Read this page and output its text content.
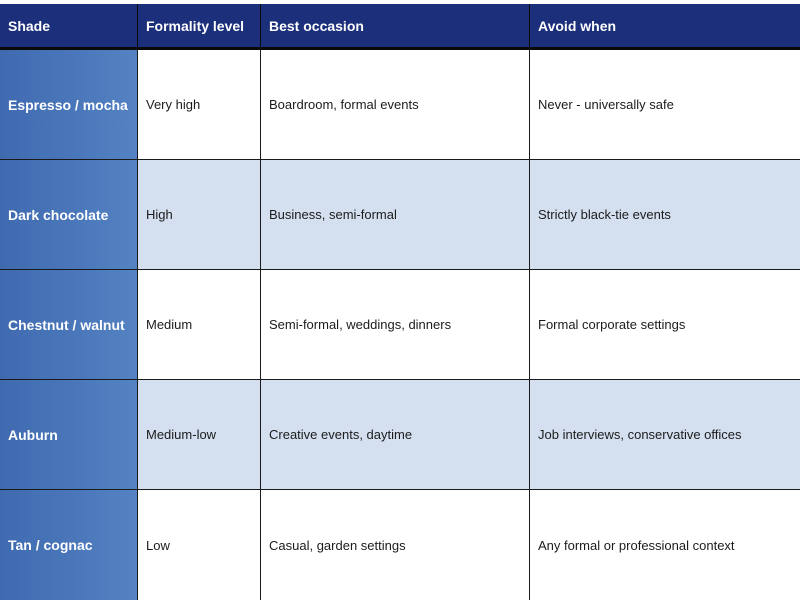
Shade	Formality level	Best occasion	Avoid when
Espresso / mocha	Very high	Boardroom, formal events	Never - universally safe
Dark chocolate	High	Business, semi-formal	Strictly black-tie events
Chestnut / walnut	Medium	Semi-formal, weddings, dinners	Formal corporate settings
Auburn	Medium-low	Creative events, daytime	Job interviews, conservative offices
Tan / cognac	Low	Casual, garden settings	Any formal or professional context
